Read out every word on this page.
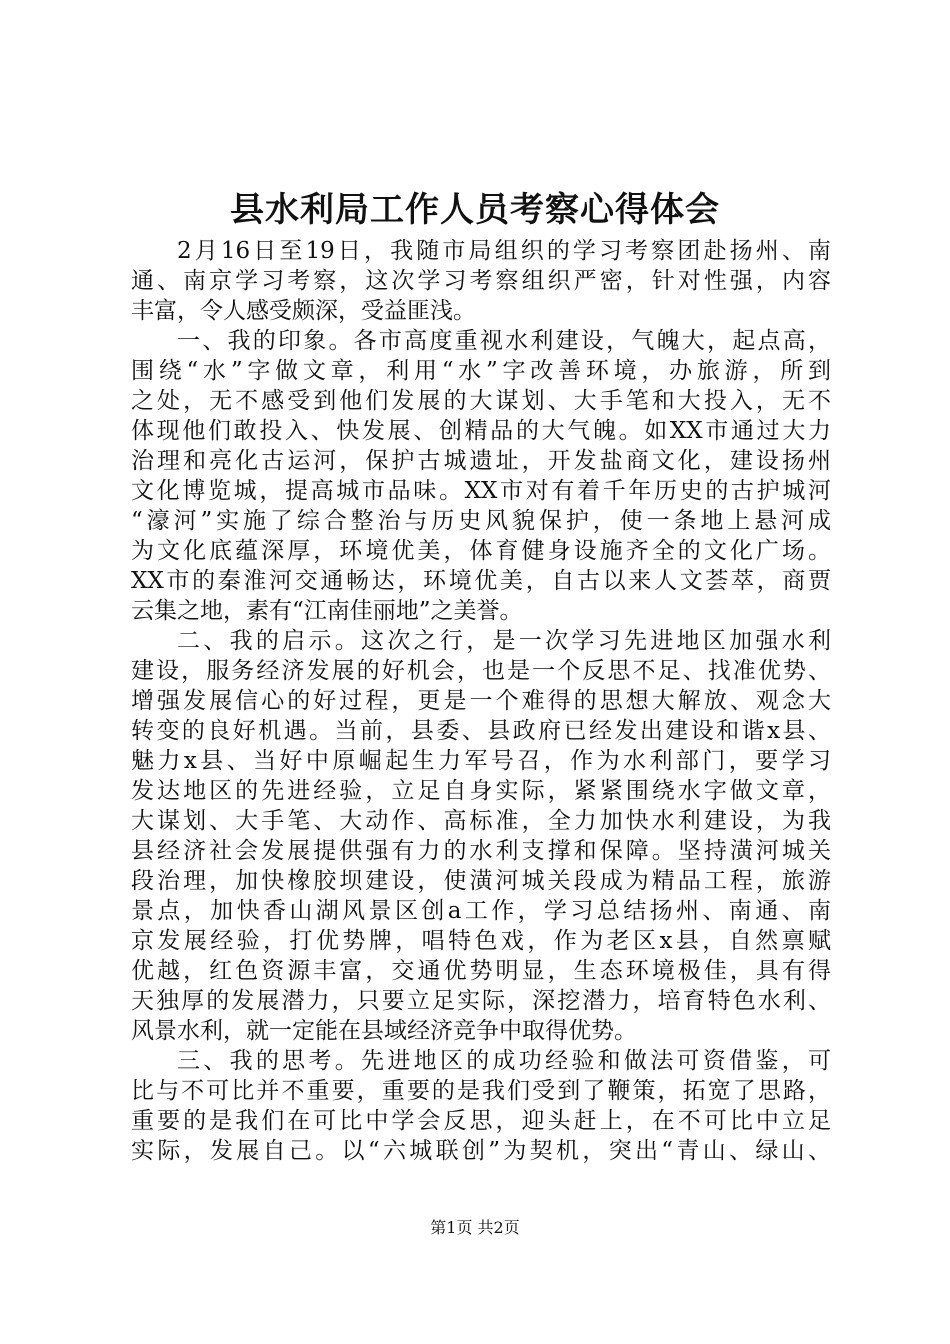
县水利局工作人员考察心得体会
2月16日至19日，我随市局组织的学习考察团赴扬州、南
通、南京学习考察，这次学习考察组织严密，针对性强，内容
丰富，令人感受颇深，受益匪浅。
一、我的印象。各市高度重视水利建设，气魄大，起点高，
围绕“水”字做文章，利用“水”字改善环境，办旅游，所到
之处，无不感受到他们发展的大谋划、大手笔和大投入，无不
体现他们敢投入、快发展、创精品的大气魄。如XX市通过大力
治理和亮化古运河，保护古城遗址，开发盐商文化，建设扬州
文化博览城，提高城市品味。XX市对有着千年历史的古护城河
“濠河”实施了综合整治与历史风貌保护，使一条地上悬河成
为文化底蕴深厚，环境优美，体育健身设施齐全的文化广场。
XX市的秦淮河交通畅达，环境优美，自古以来人文荟萃，商贾
云集之地，素有“江南佳丽地”之美誉。
二、我的启示。这次之行，是一次学习先进地区加强水利
建设，服务经济发展的好机会，也是一个反思不足、找准优势、
增强发展信心的好过程，更是一个难得的思想大解放、观念大
转变的良好机遇。当前，县委、县政府已经发出建设和谐x县、
魅力x县、当好中原崛起生力军号召，作为水利部门，要学习
发达地区的先进经验，立足自身实际，紧紧围绕水字做文章，
大谋划、大手笔、大动作、高标准，全力加快水利建设，为我
县经济社会发展提供强有力的水利支撑和保障。坚持潢河城关
段治理，加快橡胶坝建设，使潢河城关段成为精品工程，旅游
景点，加快香山湖风景区创a工作，学习总结扬州、南通、南
京发展经验，打优势牌，唱特色戏，作为老区x县，自然禀赋
优越，红色资源丰富，交通优势明显，生态环境极佳，具有得
天独厚的发展潜力，只要立足实际，深挖潜力，培育特色水利、
风景水利，就一定能在县域经济竞争中取得优势。
三、我的思考。先进地区的成功经验和做法可资借鉴，可
比与不可比并不重要，重要的是我们受到了鞭策，拓宽了思路，
重要的是我们在可比中学会反思，迎头赶上，在不可比中立足
实际，发展自己。以“六城联创”为契机，突出“青山、绿山、
第1页 共2页
